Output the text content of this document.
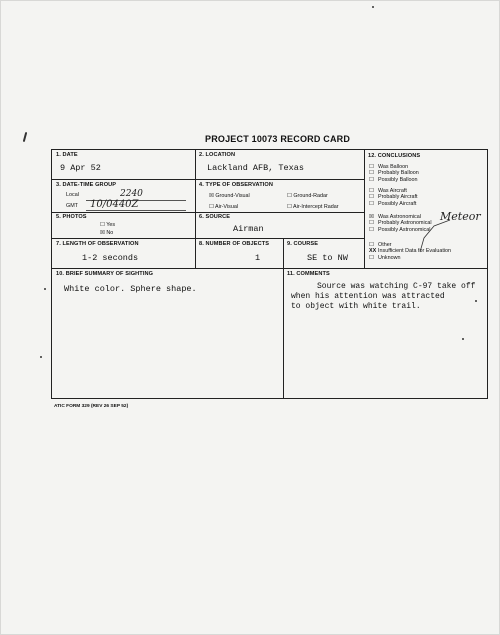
PROJECT 10073 RECORD CARD
1. DATE
9 Apr 52
2. LOCATION
Lackland AFB, Texas
3. DATE-TIME GROUP
Local	2240
GMT 10/0440Z
4. TYPE OF OBSERVATION
☒ Ground-Visual	☐ Ground-Radar
☐ Air-Visual	☐ Air-Intercept Radar
5. PHOTOS
☐ Yes
☒ No
6. SOURCE
Airman
7. LENGTH OF OBSERVATION
1-2 seconds
8. NUMBER OF OBJECTS
1
9. COURSE
SE to NW
10. BRIEF SUMMARY OF SIGHTING
White color. Sphere shape.
11. COMMENTS
Source was watching C-97 take off
when his attention was attracted
to object with white trail.
12. CONCLUSIONS
☐ Was Balloon
☐ Probably Balloon
☐ Possibly Balloon
☐ Was Aircraft
☐ Probably Aircraft
☐ Possibly Aircraft
☒ Was Astronomical
☐ Probably Astronomical
☐ Possibly Astronomical
Meteor
☐ Other
XX Insufficient Data for Evaluation
☐ Unknown
ATIC FORM 329 (REV 26 SEP 52)
